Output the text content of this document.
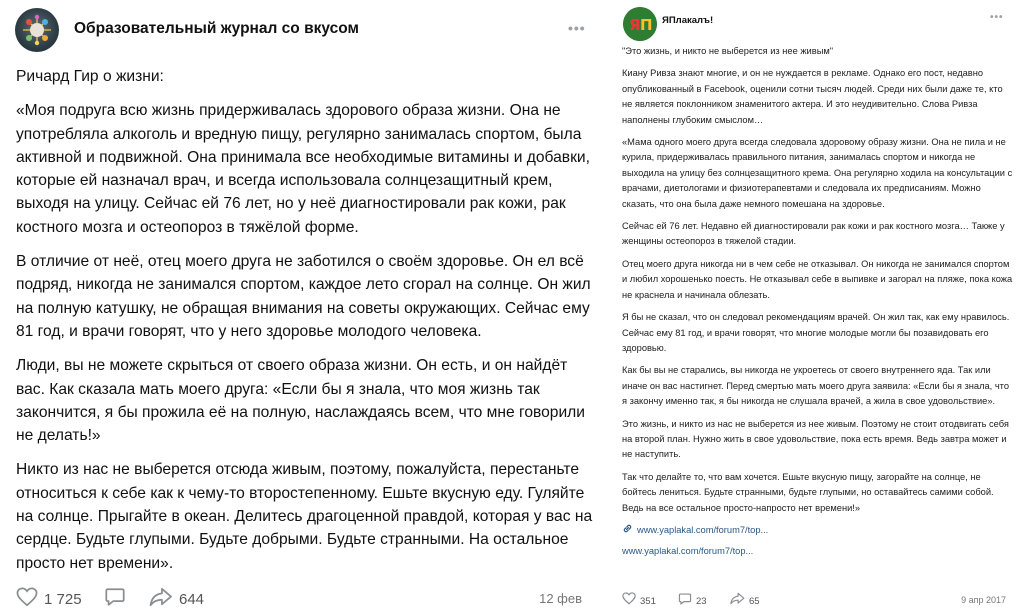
Образовательный журнал со вкусом	•••

Ричард Гир о жизни:

«Моя подруга всю жизнь придерживалась здорового образа жизни. Она не употребляла алкоголь и вредную пищу, регулярно занималась спортом, была активной и подвижной. Она принимала все необходимые витамины и добавки, которые ей назначал врач, и всегда использовала солнцезащитный крем, выходя на улицу. Сейчас ей 76 лет, но у неё диагностировали рак кожи, рак костного мозга и остеопороз в тяжёлой форме.

В отличие от неё, отец моего друга не заботился о своём здоровье. Он ел всё подряд, никогда не занимался спортом, каждое лето сгорал на солнце. Он жил на полную катушку, не обращая внимания на советы окружающих. Сейчас ему 81 год, и врачи говорят, что у него здоровье молодого человека.

Люди, вы не можете скрыться от своего образа жизни. Он есть, и он найдёт вас. Как сказала мать моего друга: «Если бы я знала, что моя жизнь так закончится, я бы прожила её на полную, наслаждаясь всем, что мне говорили не делать!»

Никто из нас не выберется отсюда живым, поэтому, пожалуйста, перестаньте относиться к себе как к чему-то второстепенному. Ешьте вкусную еду. Гуляйте на солнце. Прыгайте в океан. Делитесь драгоценной правдой, которая у вас на сердце. Будьте глупыми. Будьте добрыми. Будьте странными. На остальное просто нет времени».

1 725	644	12 фев
Я П ЯПлакалъ!	•••

"Это жизнь, и никто не выберется из нее живым"

Киану Ривза знают многие, и он не нуждается в рекламе. Однако его пост, недавно опубликованный в Facebook, оценили сотни тысяч людей. Среди них были даже те, кто не является поклонником знаменитого актера. И это неудивительно. Слова Ривза наполнены глубоким смыслом…

«Мама одного моего друга всегда следовала здоровому образу жизни. Она не пила и не курила, придерживалась правильного питания, занималась спортом и никогда не выходила на улицу без солнцезащитного крема. Она регулярно ходила на консультации с врачами, диетологами и физиотерапевтами и следовала их предписаниям. Можно сказать, что она была даже немного помешана на здоровье.

Сейчас ей 76 лет. Недавно ей диагностировали рак кожи и рак костного мозга… Также у женщины остеопороз в тяжелой стадии.

Отец моего друга никогда ни в чем себе не отказывал. Он никогда не занимался спортом и любил хорошенько поесть. Не отказывал себе в выпивке и загорал на пляже, пока кожа не краснела и начинала облезать.

Я бы не сказал, что он следовал рекомендациям врачей. Он жил так, как ему нравилось. Сейчас ему 81 год, и врачи говорят, что многие молодые могли бы позавидовать его здоровью.

Как бы вы не старались, вы никогда не укроетесь от своего внутреннего яда. Так или иначе он вас настигнет. Перед смертью мать моего друга заявила: «Если бы я знала, что я закончу именно так, я бы никогда не слушала врачей, а жила в свое удовольствие».

Это жизнь, и никто из нас не выберется из нее живым. Поэтому не стоит отодвигать себя на второй план. Нужно жить в свое удовольствие, пока есть время. Ведь завтра может и не наступить.

Так что делайте то, что вам хочется. Ешьте вкусную пищу, загорайте на солнце, не бойтесь лениться. Будьте странными, будьте глупыми, но оставайтесь самими собой. Ведь на все остальное просто-напросто нет времени!»

www.yaplakal.com/forum7/top...
www.yaplakal.com/forum7/top...
351	23	65	9 апр 2017
